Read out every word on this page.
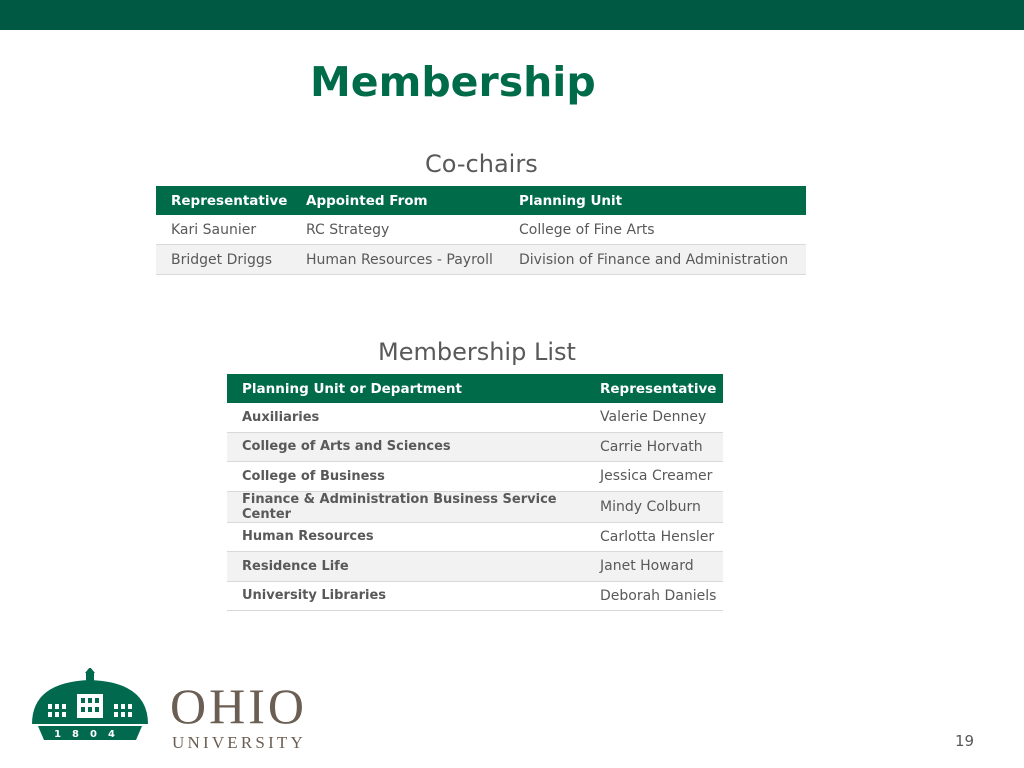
Membership
Co-chairs
Representative	Appointed From	Planning Unit
Kari Saunier	RC Strategy	College of Fine Arts
Bridget Driggs	Human Resources - Payroll	Division of Finance and Administration
Membership List
Planning Unit or Department	Representative
Auxiliaries	Valerie Denney
College of Arts and Sciences	Carrie Horvath
College of Business	Jessica Creamer
Finance & Administration Business Service Center	Mindy Colburn
Human Resources	Carlotta Hensler
Residence Life	Janet Howard
University Libraries	Deborah Daniels
1804
OHIO
UNIVERSITY	19
